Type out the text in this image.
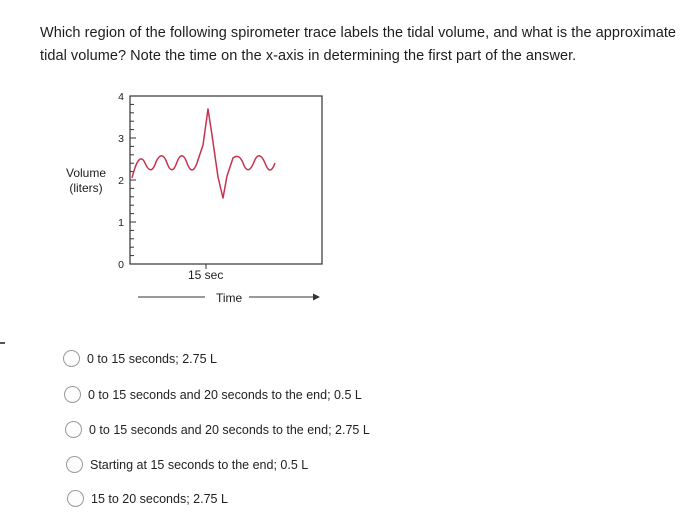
Which region of the following spirometer trace labels the tidal volume, and what is the approximate tidal volume? Note the time on the x-axis in determining the first part of the answer.
4
3
2
1
0
Volume
(liters)
15 sec
Time
0 to 15 seconds; 2.75 L
0 to 15 seconds and 20 seconds to the end; 0.5 L
0 to 15 seconds and 20 seconds to the end; 2.75 L
Starting at 15 seconds to the end; 0.5 L
15 to 20 seconds; 2.75 L
